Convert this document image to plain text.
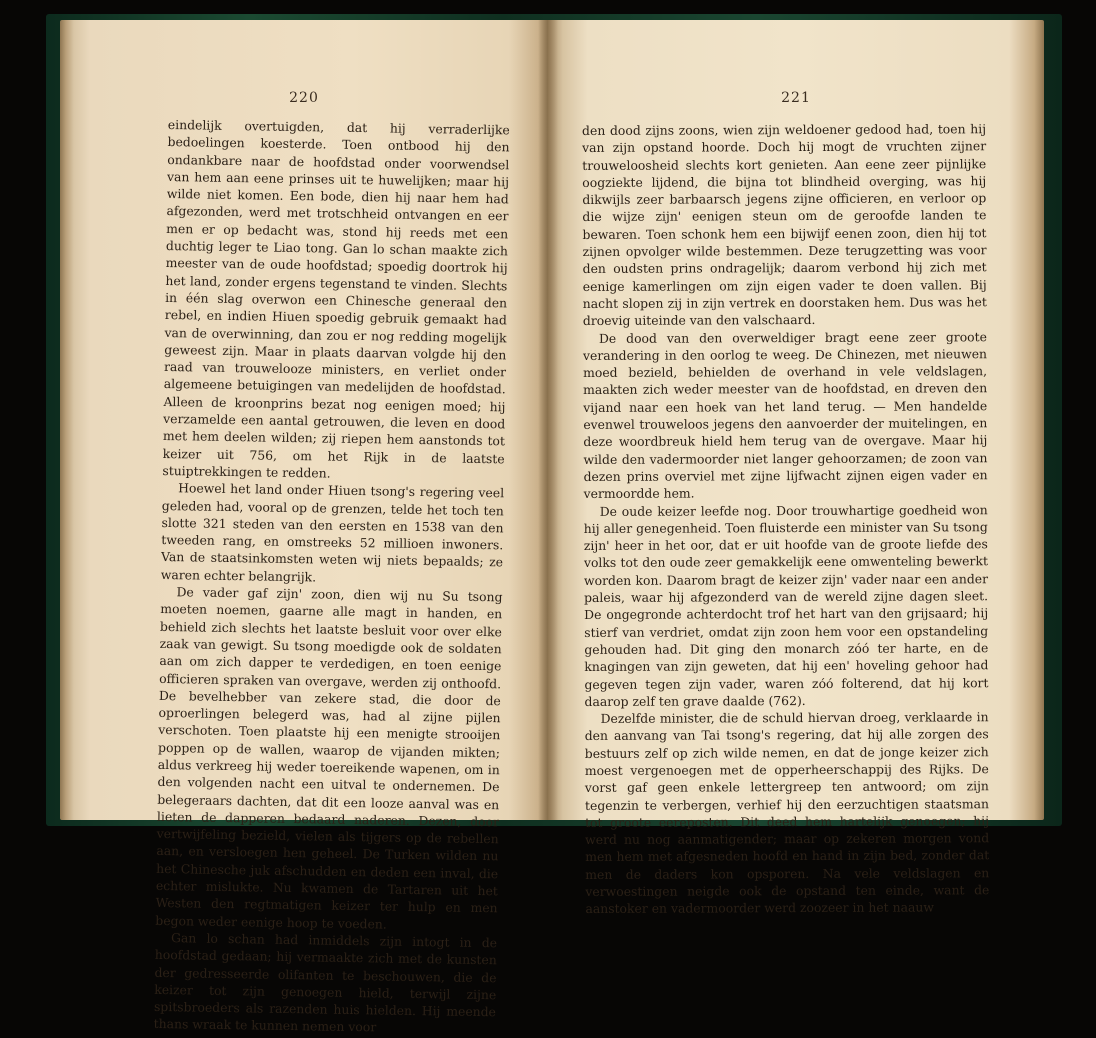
220

eindelijk overtuigden, dat hij verraderlijke bedoelingen koesterde. Toen ontbood hij den ondankbare naar de hoofdstad onder voorwendsel van hem aan eene prinses uit te huwelijken; maar hij wilde niet komen. Een bode, dien hij naar hem had afgezonden, werd met trotschheid ontvangen en eer men er op bedacht was, stond hij reeds met een duchtig leger te Liao tong. Gan lo schan maakte zich meester van de oude hoofdstad; spoedig doortrok hij het land, zonder ergens tegenstand te vinden. Slechts in één slag overwon een Chinesche generaal den rebel, en indien Hiuen spoedig gebruik gemaakt had van de overwinning, dan zou er nog redding mogelijk geweest zijn. Maar in plaats daarvan volgde hij den raad van trouwelooze ministers, en verliet onder algemeene betuigingen van medelijden de hoofdstad. Alleen de kroonprins bezat nog eenigen moed; hij verzamelde een aantal getrouwen, die leven en dood met hem deelen wilden; zij riepen hem aanstonds tot keizer uit 756, om het Rijk in de laatste stuiptrekkingen te redden.

Hoewel het land onder Hiuen tsong's regering veel geleden had, vooral op de grenzen, telde het toch ten slotte 321 steden van den eersten en 1538 van den tweeden rang, en omstreeks 52 millioen inwoners. Van de staatsinkomsten weten wij niets bepaalds; ze waren echter belangrijk.

De vader gaf zijn' zoon, dien wij nu Su tsong moeten noemen, gaarne alle magt in handen, en behield zich slechts het laatste besluit voor over elke zaak van gewigt. Su tsong moedigde ook de soldaten aan om zich dapper te verdedigen, en toen eenige officieren spraken van overgave, werden zij onthoofd. De bevelhebber van zekere stad, die door de oproerlingen belegerd was, had al zijne pijlen verschoten. Toen plaatste hij een menigte strooijen poppen op de wallen, waarop de vijanden mikten; aldus verkreeg hij weder toereikende wapenen, om in den volgenden nacht een uitval te ondernemen. De belegeraars dachten, dat dit een looze aanval was en lieten de dapperen bedaard naderen. Dezen, door vertwijfeling bezield, vielen als tijgers op de rebellen aan, en versloegen hen geheel. De Turken wilden nu het Chinesche juk afschudden en deden een inval, die echter mislukte. Nu kwamen de Tartaren uit het Westen den regtmatigen keizer ter hulp en men begon weder eenige hoop te voeden.

Gan lo schan had inmiddels zijn intogt in de hoofdstad gedaan; hij vermaakte zich met de kunsten der gedresseerde olifanten te beschouwen, die de keizer tot zijn genoegen hield, terwijl zijne spitsbroeders als razenden huis hielden. Hij meende thans wraak te kunnen nemen voor

221

den dood zijns zoons, wien zijn weldoener gedood had, toen hij van zijn opstand hoorde. Doch hij mogt de vruchten zijner trouweloosheid slechts kort genieten. Aan eene zeer pijnlijke oogziekte lijdend, die bijna tot blindheid overging, was hij dikwijls zeer barbaarsch jegens zijne officieren, en verloor op die wijze zijn' eenigen steun om de geroofde landen te bewaren. Toen schonk hem een bijwijf eenen zoon, dien hij tot zijnen opvolger wilde bestemmen. Deze terugzetting was voor den oudsten prins ondragelijk; daarom verbond hij zich met eenige kamerlingen om zijn eigen vader te doen vallen. Bij nacht slopen zij in zijn vertrek en doorstaken hem. Dus was het droevig uiteinde van den valschaard.

De dood van den overweldiger bragt eene zeer groote verandering in den oorlog te weeg. De Chinezen, met nieuwen moed bezield, behielden de overhand in vele veldslagen, maakten zich weder meester van de hoofdstad, en dreven den vijand naar een hoek van het land terug. — Men handelde evenwel trouweloos jegens den aanvoerder der muitelingen, en deze woordbreuk hield hem terug van de overgave. Maar hij wilde den vadermoorder niet langer gehoorzamen; de zoon van dezen prins overviel met zijne lijfwacht zijnen eigen vader en vermoordde hem.

De oude keizer leefde nog. Door trouwhartige goedheid won hij aller genegenheid. Toen fluisterde een minister van Su tsong zijn' heer in het oor, dat er uit hoofde van de groote liefde des volks tot den oude zeer gemakkelijk eene omwenteling bewerkt worden kon. Daarom bragt de keizer zijn' vader naar een ander paleis, waar hij afgezonderd van de wereld zijne dagen sleet. De ongegronde achterdocht trof het hart van den grijsaard; hij stierf van verdriet, omdat zijn zoon hem voor een opstandeling gehouden had. Dit ging den monarch zóó ter harte, en de knagingen van zijn geweten, dat hij een' hoveling gehoor had gegeven tegen zijn vader, waren zóó folterend, dat hij kort daarop zelf ten grave daalde (762).

Dezelfde minister, die de schuld hiervan droeg, verklaarde in den aanvang van Tai tsong's regering, dat hij alle zorgen des bestuurs zelf op zich wilde nemen, en dat de jonge keizer zich moest vergenoegen met de opperheerschappij des Rijks. De vorst gaf geen enkele lettergreep ten antwoord; om zijn tegenzin te verbergen, verhief hij den eerzuchtigen staatsman tot groote eereposten. Dit deed hem hartelijk genoegen; hij werd nu nog aanmatigender; maar op zekeren morgen vond men hem met afgesneden hoofd en hand in zijn bed, zonder dat men de daders kon opsporen. Na vele veldslagen en verwoestingen neigde ook de opstand ten einde, want de aanstoker en vadermoorder werd zoozeer in het naauw
